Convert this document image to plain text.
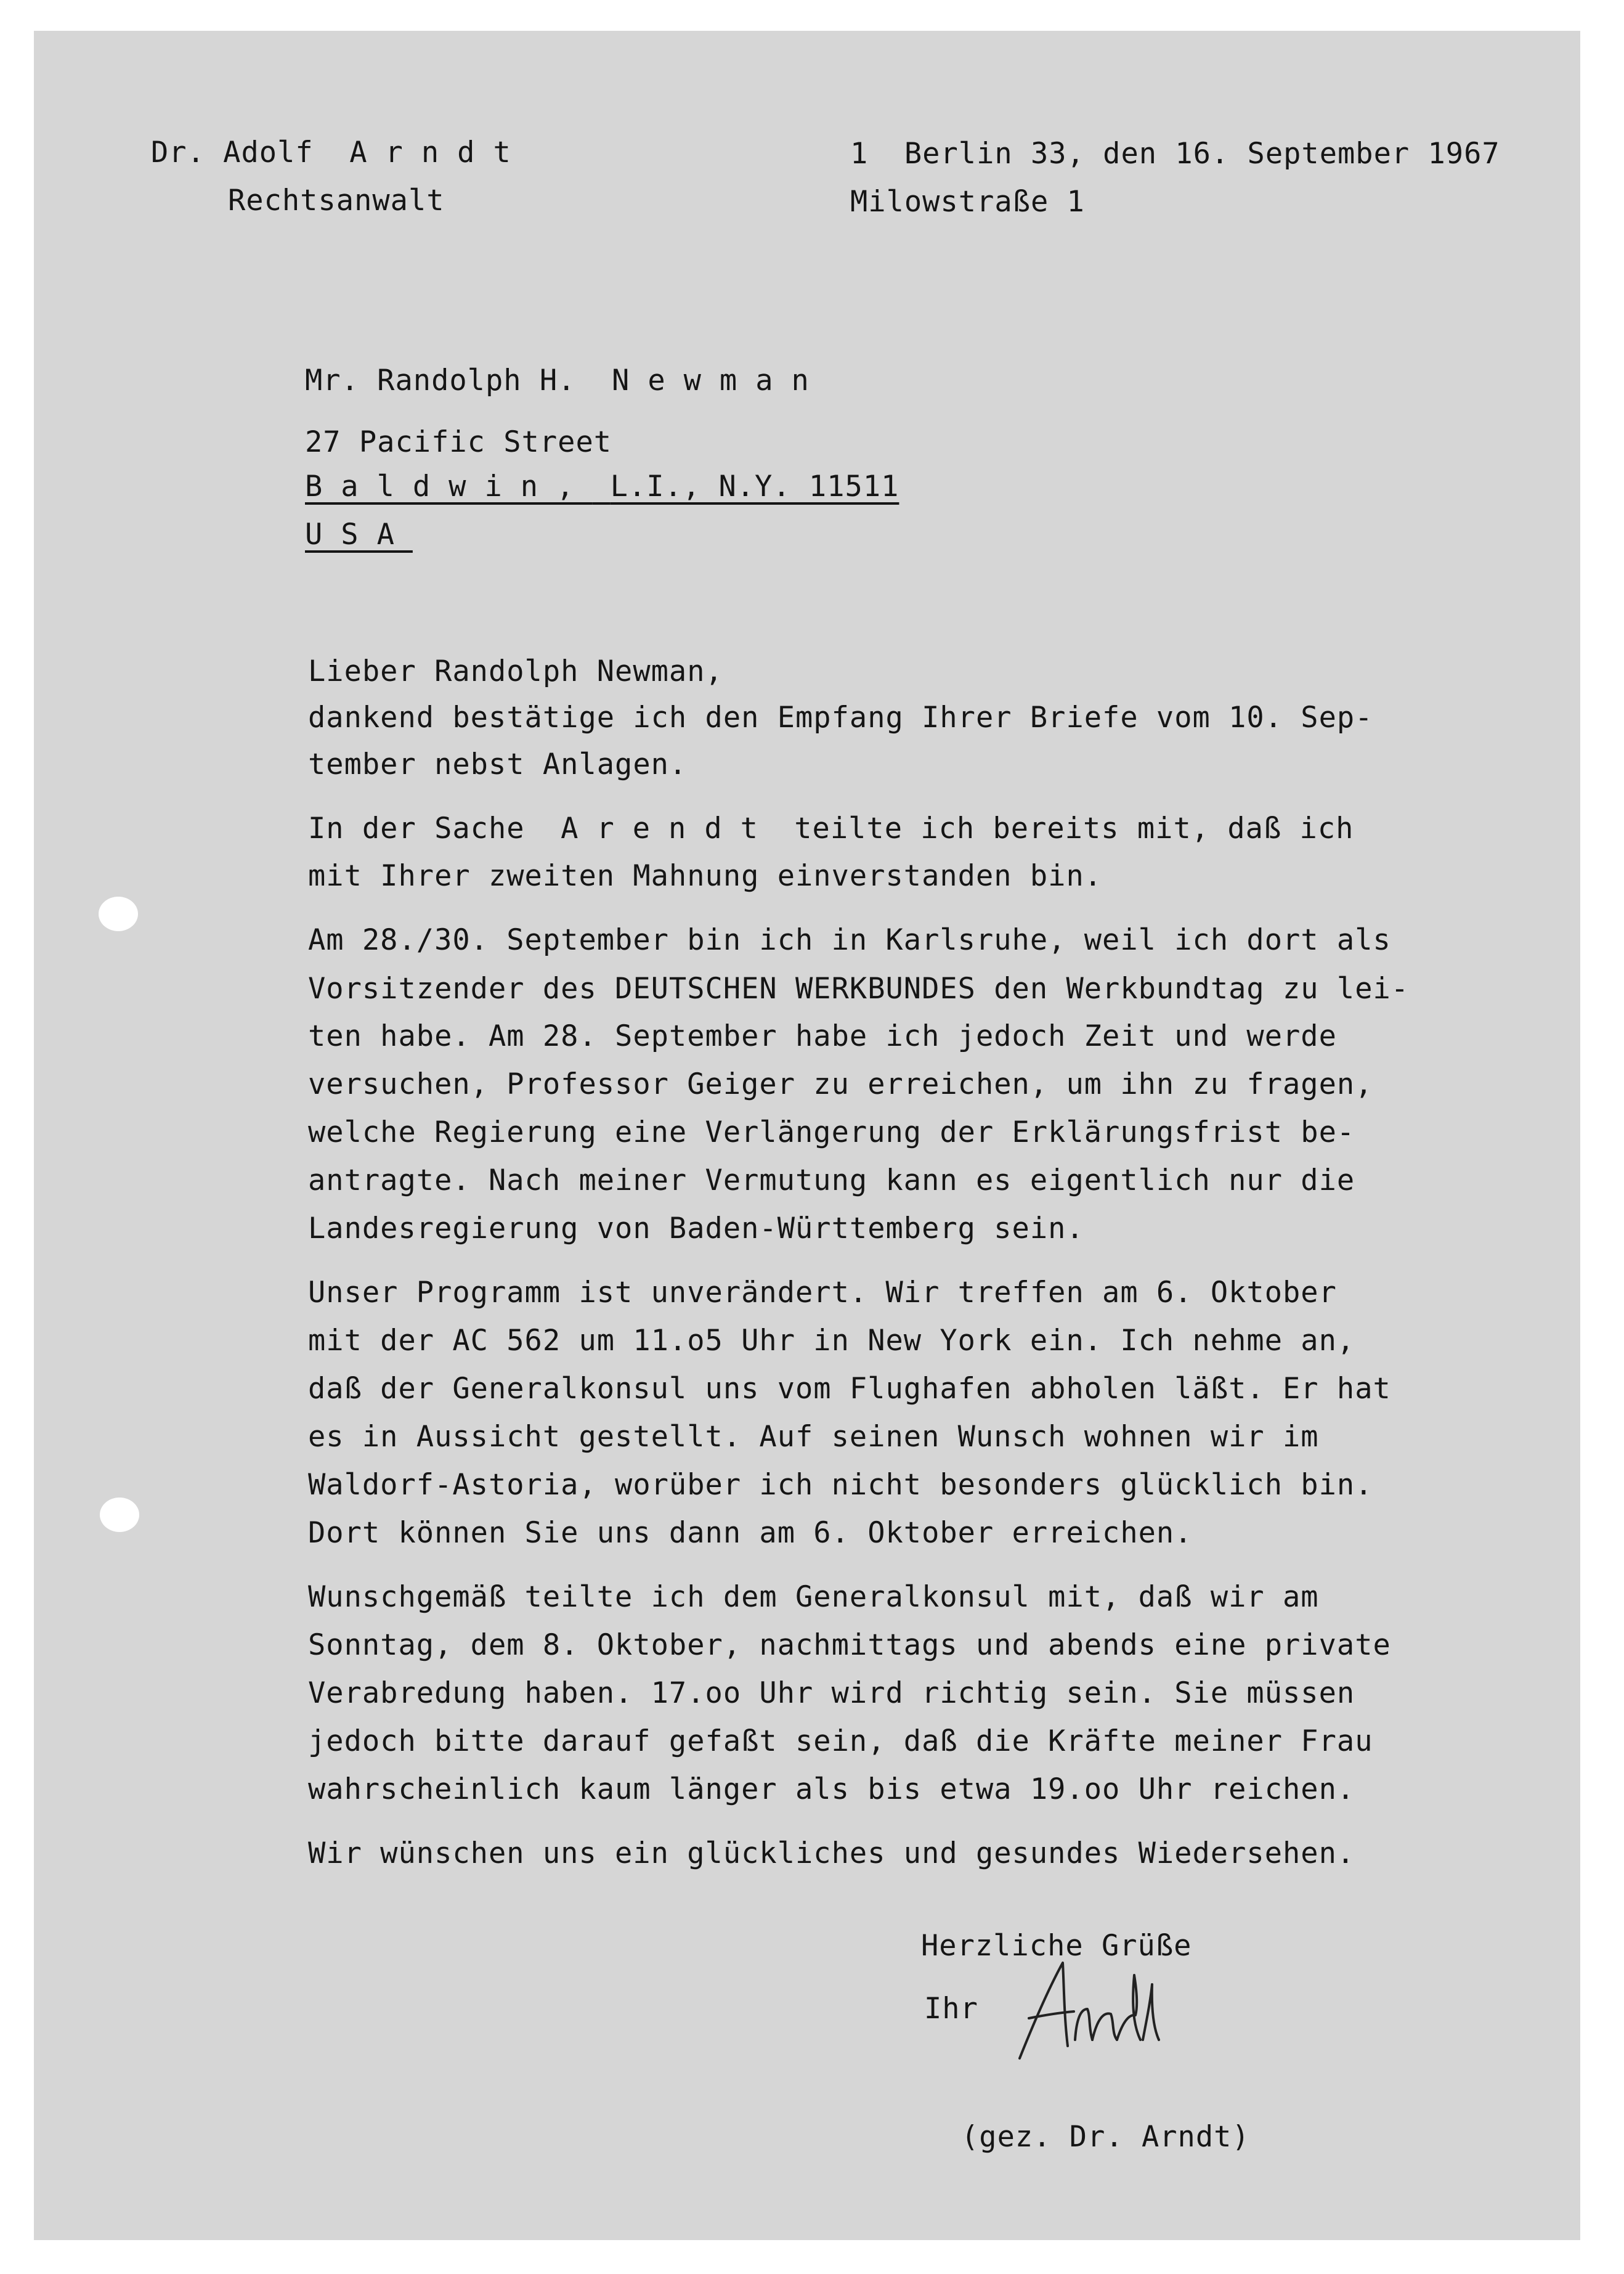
Dr. Adolf Arndt
Rechtsanwalt
1  Berlin 33, den 16. September 1967
Milowstraße 1
Mr. Randolph H. Newman
27 Pacific Street
Baldwin, L.I., N.Y. 11511
USA
Lieber Randolph Newman,
dankend bestätige ich den Empfang Ihrer Briefe vom 10. Sep-
tember nebst Anlagen.
In der Sache Arendt teilte ich bereits mit, daß ich
mit Ihrer zweiten Mahnung einverstanden bin.
Am 28./30. September bin ich in Karlsruhe, weil ich dort als
Vorsitzender des DEUTSCHEN WERKBUNDES den Werkbundtag zu lei-
ten habe. Am 28. September habe ich jedoch Zeit und werde
versuchen, Professor Geiger zu erreichen, um ihn zu fragen,
welche Regierung eine Verlängerung der Erklärungsfrist be-
antragte. Nach meiner Vermutung kann es eigentlich nur die
Landesregierung von Baden-Württemberg sein.
Unser Programm ist unverändert. Wir treffen am 6. Oktober
mit der AC 562 um 11.o5 Uhr in New York ein. Ich nehme an,
daß der Generalkonsul uns vom Flughafen abholen läßt. Er hat
es in Aussicht gestellt. Auf seinen Wunsch wohnen wir im
Waldorf-Astoria, worüber ich nicht besonders glücklich bin.
Dort können Sie uns dann am 6. Oktober erreichen.
Wunschgemäß teilte ich dem Generalkonsul mit, daß wir am
Sonntag, dem 8. Oktober, nachmittags und abends eine private
Verabredung haben. 17.oo Uhr wird richtig sein. Sie müssen
jedoch bitte darauf gefaßt sein, daß die Kräfte meiner Frau
wahrscheinlich kaum länger als bis etwa 19.oo Uhr reichen.
Wir wünschen uns ein glückliches und gesundes Wiedersehen.
Herzliche Grüße
Ihr
(gez. Dr. Arndt)
